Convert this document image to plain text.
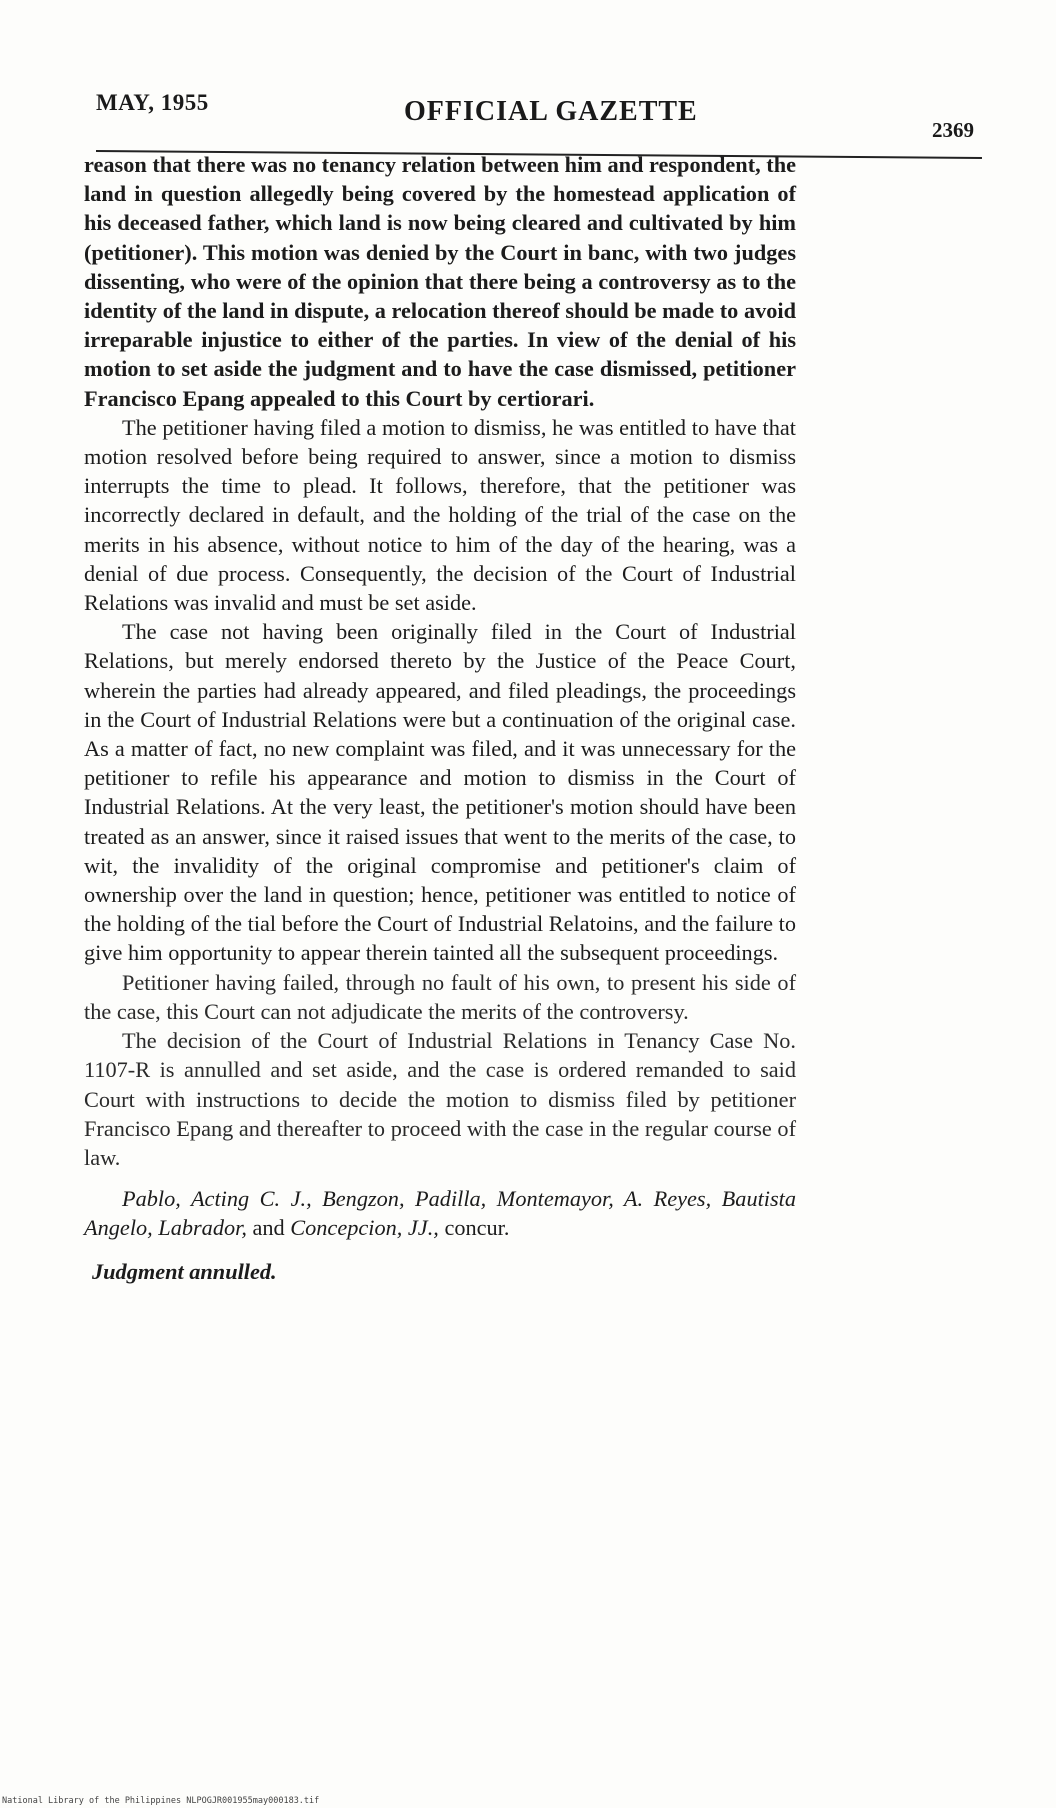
MAY, 1955	OFFICIAL GAZETTE
2369

reason that there was no tenancy relation between him and respondent, the land in question allegedly being covered by the homestead application of his deceased father, which land is now being cleared and cultivated by him (petitioner). This motion was denied by the Court in banc, with two judges dissenting, who were of the opinion that there being a controversy as to the identity of the land in dispute, a relocation thereof should be made to avoid irreparable injustice to either of the parties. In view of the denial of his motion to set aside the judgment and to have the case dismissed, petitioner Francisco Epang appealed to this Court by certiorari.

The petitioner having filed a motion to dismiss, he was entitled to have that motion resolved before being required to answer, since a motion to dismiss interrupts the time to plead. It follows, therefore, that the petitioner was incorrectly declared in default, and the holding of the trial of the case on the merits in his absence, without notice to him of the day of the hearing, was a denial of due process. Consequently, the decision of the Court of Industrial Relations was invalid and must be set aside.

The case not having been originally filed in the Court of Industrial Relations, but merely endorsed thereto by the Justice of the Peace Court, wherein the parties had already appeared, and filed pleadings, the proceedings in the Court of Industrial Relations were but a continuation of the original case. As a matter of fact, no new complaint was filed, and it was unnecessary for the petitioner to refile his appearance and motion to dismiss in the Court of Industrial Relations. At the very least, the petitioner's motion should have been treated as an answer, since it raised issues that went to the merits of the case, to wit, the invalidity of the original compromise and petitioner's claim of ownership over the land in question; hence, petitioner was entitled to notice of the holding of the tial before the Court of Industrial Relatoins, and the failure to give him opportunity to appear therein tainted all the subsequent proceedings.

Petitioner having failed, through no fault of his own, to present his side of the case, this Court can not adjudicate the merits of the controversy.

The decision of the Court of Industrial Relations in Tenancy Case No. 1107-R is annulled and set aside, and the case is ordered remanded to said Court with instructions to decide the motion to dismiss filed by petitioner Francisco Epang and thereafter to proceed with the case in the regular course of law.

Pablo, Acting C. J., Bengzon, Padilla, Montemayor, A. Reyes, Bautista Angelo, Labrador, and Concepcion, JJ., concur.

Judgment annulled.

National Library of the Philippines NLPOGJR001955may000183.tif
